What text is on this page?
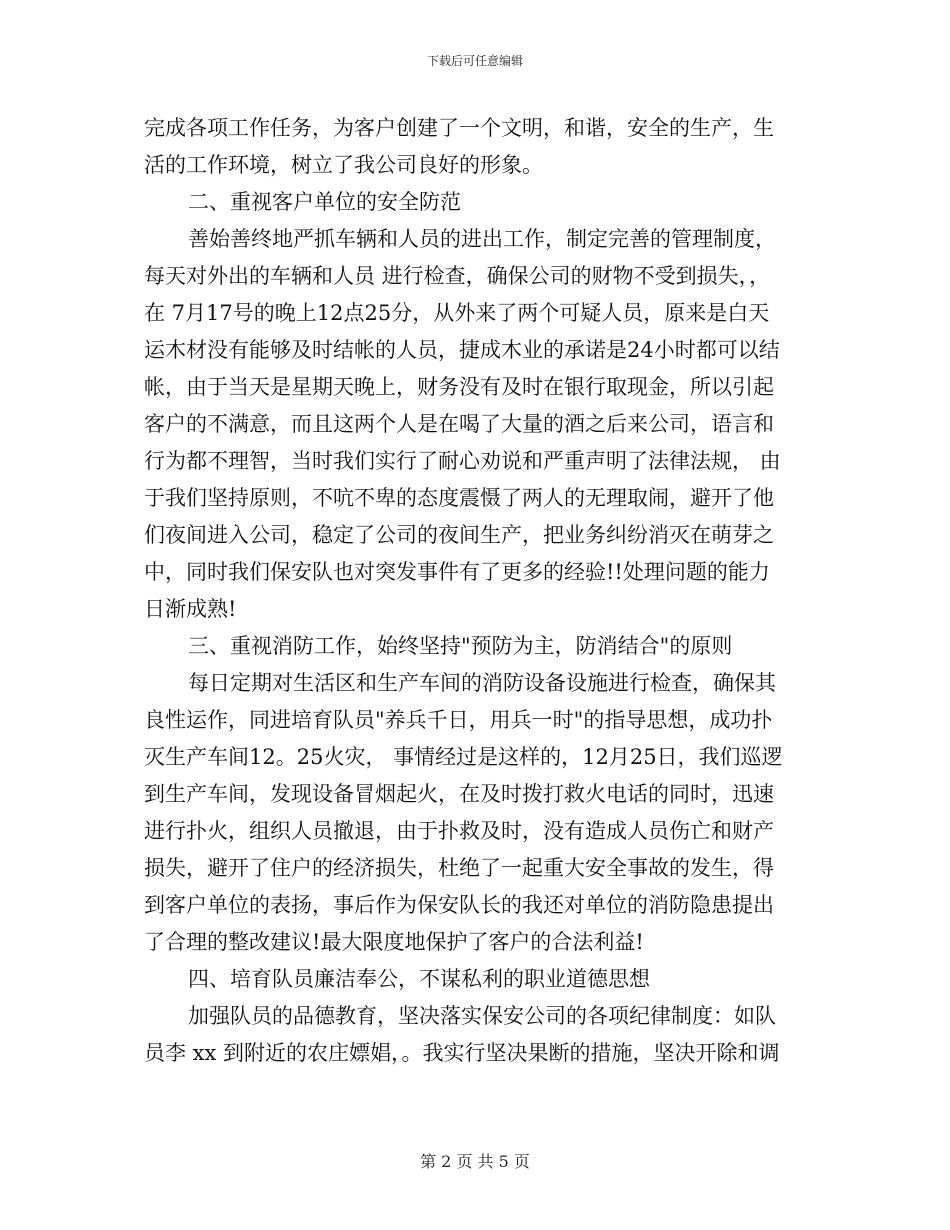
下载后可任意编辑
完成各项工作任务，为客户创建了一个文明，和谐，安全的生产，生
活的工作环境，树立了我公司良好的形象。
二、重视客户单位的安全防范
善始善终地严抓车辆和人员的进出工作，制定完善的管理制度，
每天对外出的车辆和人员 进行检查，确保公司的财物不受到损失，，
在 7月17号的晚上12点25分，从外来了两个可疑人员，原来是白天
运木材没有能够及时结帐的人员，捷成木业的承诺是24小时都可以结
帐，由于当天是星期天晚上，财务没有及时在银行取现金，所以引起
客户的不满意，而且这两个人是在喝了大量的酒之后来公司，语言和
行为都不理智，当时我们实行了耐心劝说和严重声明了法律法规， 由
于我们坚持原则，不吭不卑的态度震慑了两人的无理取闹，避开了他
们夜间进入公司，稳定了公司的夜间生产，把业务纠纷消灭在萌芽之
中，同时我们保安队也对突发事件有了更多的经验!!处理问题的能力
日渐成熟!
三、重视消防工作，始终坚持"预防为主，防消结合"的原则
每日定期对生活区和生产车间的消防设备设施进行检查，确保其
良性运作，同进培育队员"养兵千日，用兵一时"的指导思想，成功扑
灭生产车间12。25火灾， 事情经过是这样的，12月25日，我们巡逻
到生产车间，发现设备冒烟起火，在及时拨打救火电话的同时，迅速
进行扑火，组织人员撤退，由于扑救及时，没有造成人员伤亡和财产
损失，避开了住户的经济损失，杜绝了一起重大安全事故的发生，得
到客户单位的表扬，事后作为保安队长的我还对单位的消防隐患提出
了合理的整改建议!最大限度地保护了客户的合法利益!
四、培育队员廉洁奉公，不谋私利的职业道德思想
加强队员的品德教育，坚决落实保安公司的各项纪律制度：如队
员李 xx 到附近的农庄嫖娼，。我实行坚决果断的措施，坚决开除和调
第 2 页 共 5 页
